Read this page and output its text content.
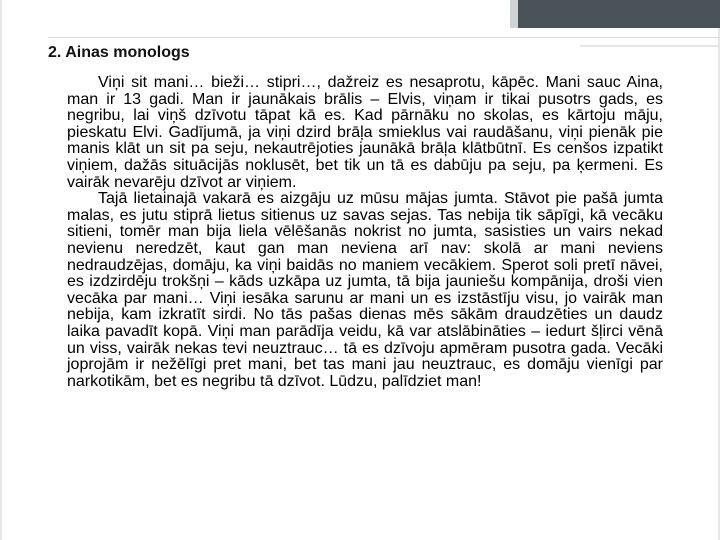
2. Ainas monologs

Viņi sit mani… bieži… stipri…, dažreiz es nesaprotu, kāpēc. Mani sauc Aina, man ir 13 gadi. Man ir jaunākais brālis – Elvis, viņam ir tikai pusotrs gads, es negribu, lai viņš dzīvotu tāpat kā es. Kad pārnāku no skolas, es kārtoju māju, pieskatu Elvi. Gadījumā, ja viņi dzird brāļa smieklus vai raudāšanu, viņi pienāk pie manis klāt un sit pa seju, nekautrējoties jaunākā brāļa klātbūtnī. Es cenšos izpatikt viņiem, dažās situācijās noklusēt, bet tik un tā es dabūju pa seju, pa ķermeni. Es vairāk nevarēju dzīvot ar viņiem.

Tajā lietainajā vakarā es aizgāju uz mūsu mājas jumta. Stāvot pie pašā jumta malas, es jutu stiprā lietus sitienus uz savas sejas. Tas nebija tik sāpīgi, kā vecāku sitieni, tomēr man bija liela vēlēšanās nokrist no jumta, sasisties un vairs nekad nevienu neredzēt, kaut gan man neviena arī nav: skolā ar mani neviens nedraudzējas, domāju, ka viņi baidās no maniem vecākiem. Sperot soli pretī nāvei, es izdzirdēju trokšņi – kāds uzkāpa uz jumta, tā bija jauniešu kompānija, droši vien vecāka par mani… Viņi iesāka sarunu ar mani un es izstāstīju visu, jo vairāk man nebija, kam izkratīt sirdi. No tās pašas dienas mēs sākām draudzēties un daudz laika pavadīt kopā. Viņi man parādīja veidu, kā var atslābināties – iedurt šļirci vēnā un viss, vairāk nekas tevi neuztrauc… tā es dzīvoju apmēram pusotra gada. Vecāki joprojām ir nežēlīgi pret mani, bet tas mani jau neuztrauc, es domāju vienīgi par narkotikām, bet es negribu tā dzīvot. Lūdzu, palīdziet man!
